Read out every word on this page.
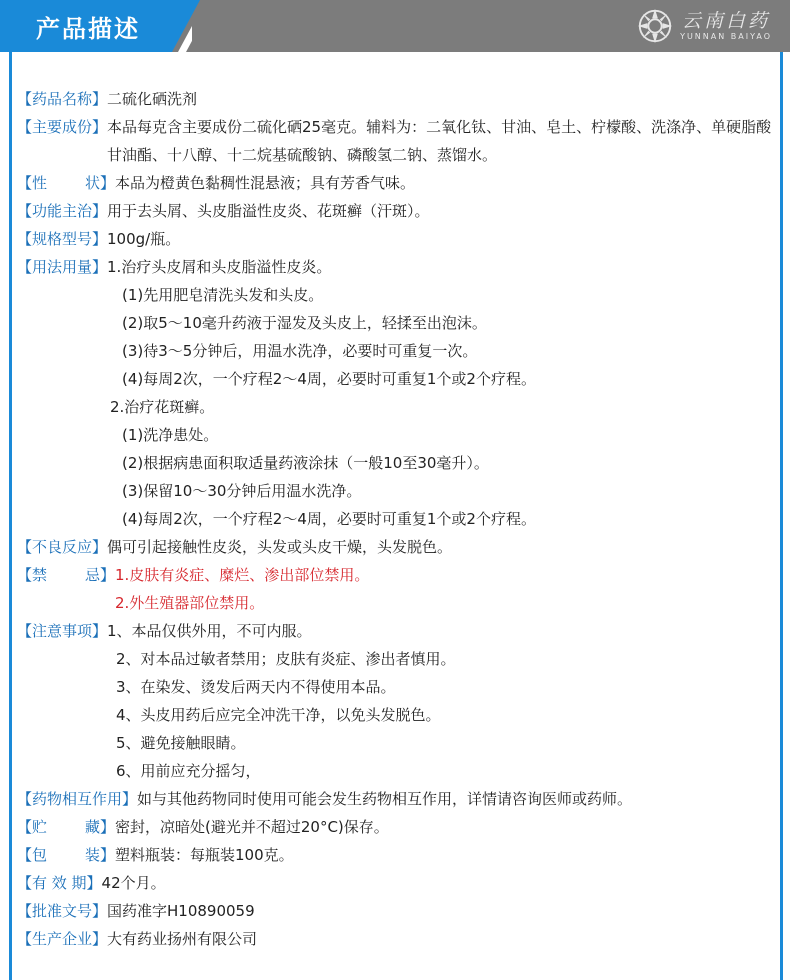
产品描述	云南白药
YUNNAN BAIYAO
【药品名称】 二硫化硒洗剂
【主要成份】 本品每克含主要成份二硫化硒25毫克。辅料为：二氧化钛、甘油、皂土、柠檬酸、洗涤净、单硬脂酸甘油酯、十八醇、十二烷基硫酸钠、磷酸氢二钠、蒸馏水。
【性	状】 本品为橙黄色黏稠性混悬液；具有芳香气味。
【功能主治】 用于去头屑、头皮脂溢性皮炎、花斑癣（汗斑）。
【规格型号】 100g/瓶。
【用法用量】 1.治疗头皮屑和头皮脂溢性皮炎。
(1)先用肥皂清洗头发和头皮。
(2)取5～10毫升药液于湿发及头皮上，轻揉至出泡沫。
(3)待3～5分钟后，用温水洗净，必要时可重复一次。
(4)每周2次，一个疗程2～4周，必要时可重复1个或2个疗程。
2.治疗花斑癣。
(1)洗净患处。
(2)根据病患面积取适量药液涂抹（一般10至30毫升）。
(3)保留10～30分钟后用温水洗净。
(4)每周2次，一个疗程2～4周，必要时可重复1个或2个疗程。
【不良反应】 偶可引起接触性皮炎，头发或头皮干燥，头发脱色。
【禁	忌】 1.皮肤有炎症、糜烂、渗出部位禁用。
2.外生殖器部位禁用。
【注意事项】 1、本品仅供外用，不可内服。
2、对本品过敏者禁用；皮肤有炎症、渗出者慎用。
3、在染发、烫发后两天内不得使用本品。
4、头皮用药后应完全冲洗干净，以免头发脱色。
5、避免接触眼睛。
6、用前应充分摇匀，
【药物相互作用】 如与其他药物同时使用可能会发生药物相互作用，详情请咨询医师或药师。
【贮	藏】 密封，凉暗处(避光并不超过20°C)保存。
【包	装】 塑料瓶装：每瓶装100克。
【有 效 期】 42个月。
【批准文号】 国药准字H10890059
【生产企业】 大有药业扬州有限公司
